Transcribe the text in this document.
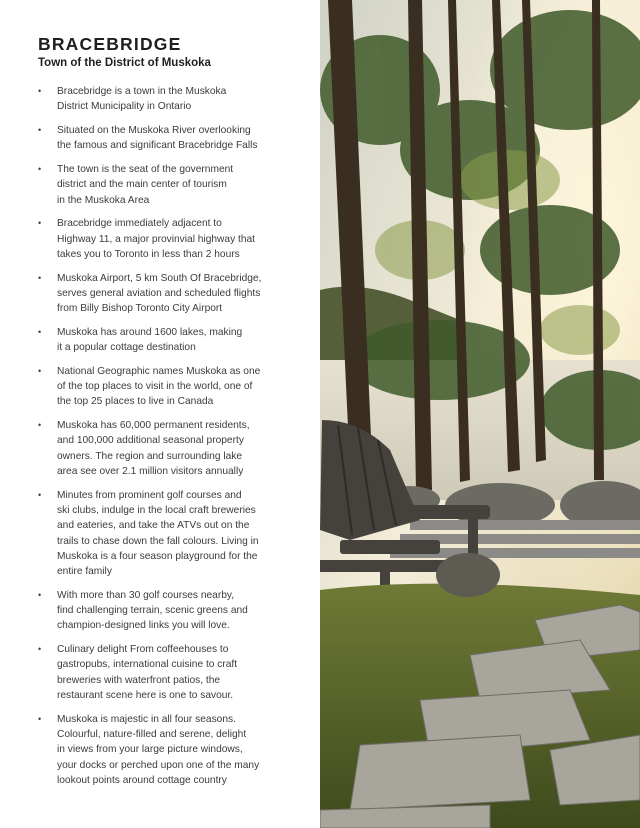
BRACEBRIDGE
Town of the District of Muskoka
• Bracebridge is a town in the Muskoka
District Municipality in Ontario
• Situated on the Muskoka River overlooking
the famous and significant Bracebridge Falls
• The town is the seat of the government
district and the main center of tourism
in the Muskoka Area
• Bracebridge immediately adjacent to
Highway 11, a major provinvial highway that
takes you to Toronto in less than 2 hours
• Muskoka Airport, 5 km South Of Bracebridge,
serves general aviation and scheduled flights
from Billy Bishop Toronto City Airport
• Muskoka has around 1600 lakes, making
it a popular cottage destination
• National Geographic names Muskoka as one
of the top places to visit in the world, one of
the top 25 places to live in Canada
• Muskoka has 60,000 permanent residents,
and 100,000 additional seasonal property
owners. The region and surrounding lake
area see over 2.1 million visitors annually
• Minutes from prominent golf courses and
ski clubs, indulge in the local craft breweries
and eateries, and take the ATVs out on the
trails to chase down the fall colours. Living in
Muskoka is a four season playground for the
entire family
• With more than 30 golf courses nearby,
find challenging terrain, scenic greens and
champion-designed links you will love.
• Culinary delight From coffeehouses to
gastropubs, international cuisine to craft
breweries with waterfront patios, the
restaurant scene here is one to savour.
• Muskoka is majestic in all four seasons.
Colourful, nature-filled and serene, delight
in views from your large picture windows,
your docks or perched upon one of the many
lookout points around cottage country
